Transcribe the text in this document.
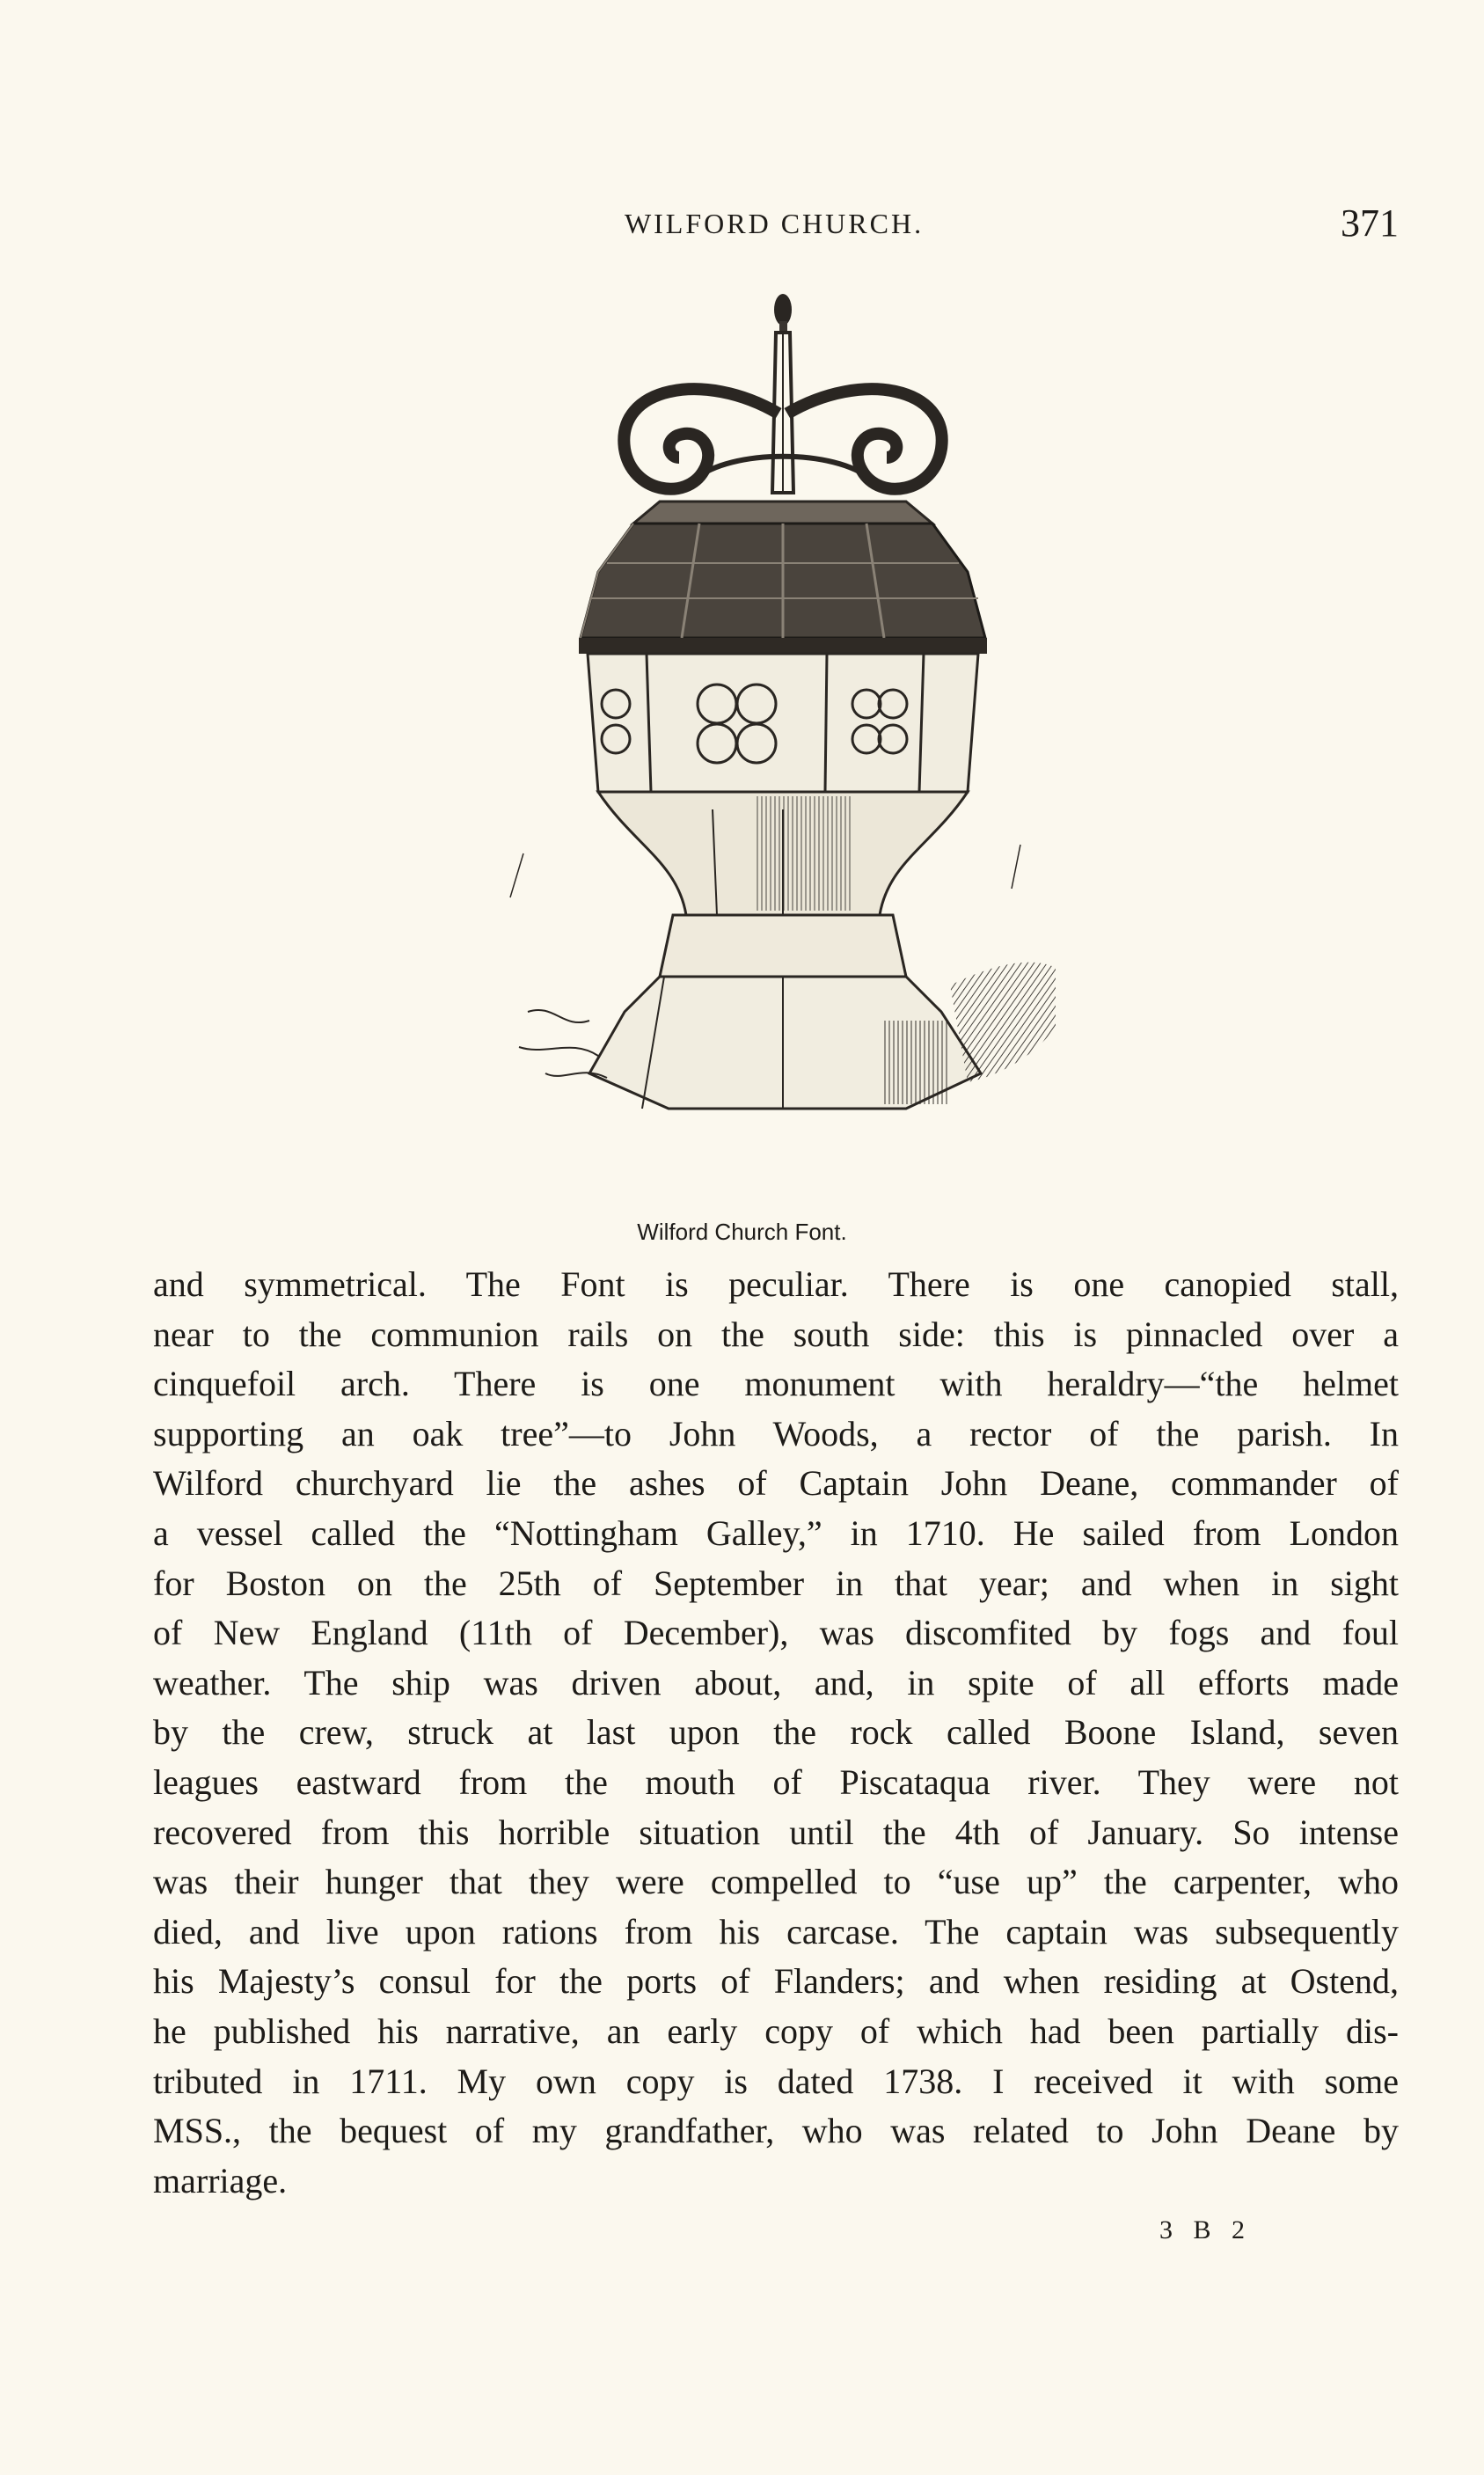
WILFORD CHURCH.	371
Wilford Church Font.
and symmetrical. The Font is peculiar. There is one canopied stall,
near to the communion rails on the south side: this is pinnacled over a
cinquefoil arch. There is one monument with heraldry—“the helmet
supporting an oak tree”—to John Woods, a rector of the parish. In
Wilford churchyard lie the ashes of Captain John Deane, commander of
a vessel called the “Nottingham Galley,” in 1710. He sailed from London
for Boston on the 25th of September in that year; and when in sight
of New England (11th of December), was discomfited by fogs and foul
weather. The ship was driven about, and, in spite of all efforts made
by the crew, struck at last upon the rock called Boone Island, seven
leagues eastward from the mouth of Piscataqua river. They were not
recovered from this horrible situation until the 4th of January. So intense
was their hunger that they were compelled to “use up” the carpenter, who
died, and live upon rations from his carcase. The captain was subsequently
his Majesty’s consul for the ports of Flanders; and when residing at Ostend,
he published his narrative, an early copy of which had been partially dis-
tributed in 1711. My own copy is dated 1738. I received it with some
MSS., the bequest of my grandfather, who was related to John Deane by
marriage.
3 B 2
